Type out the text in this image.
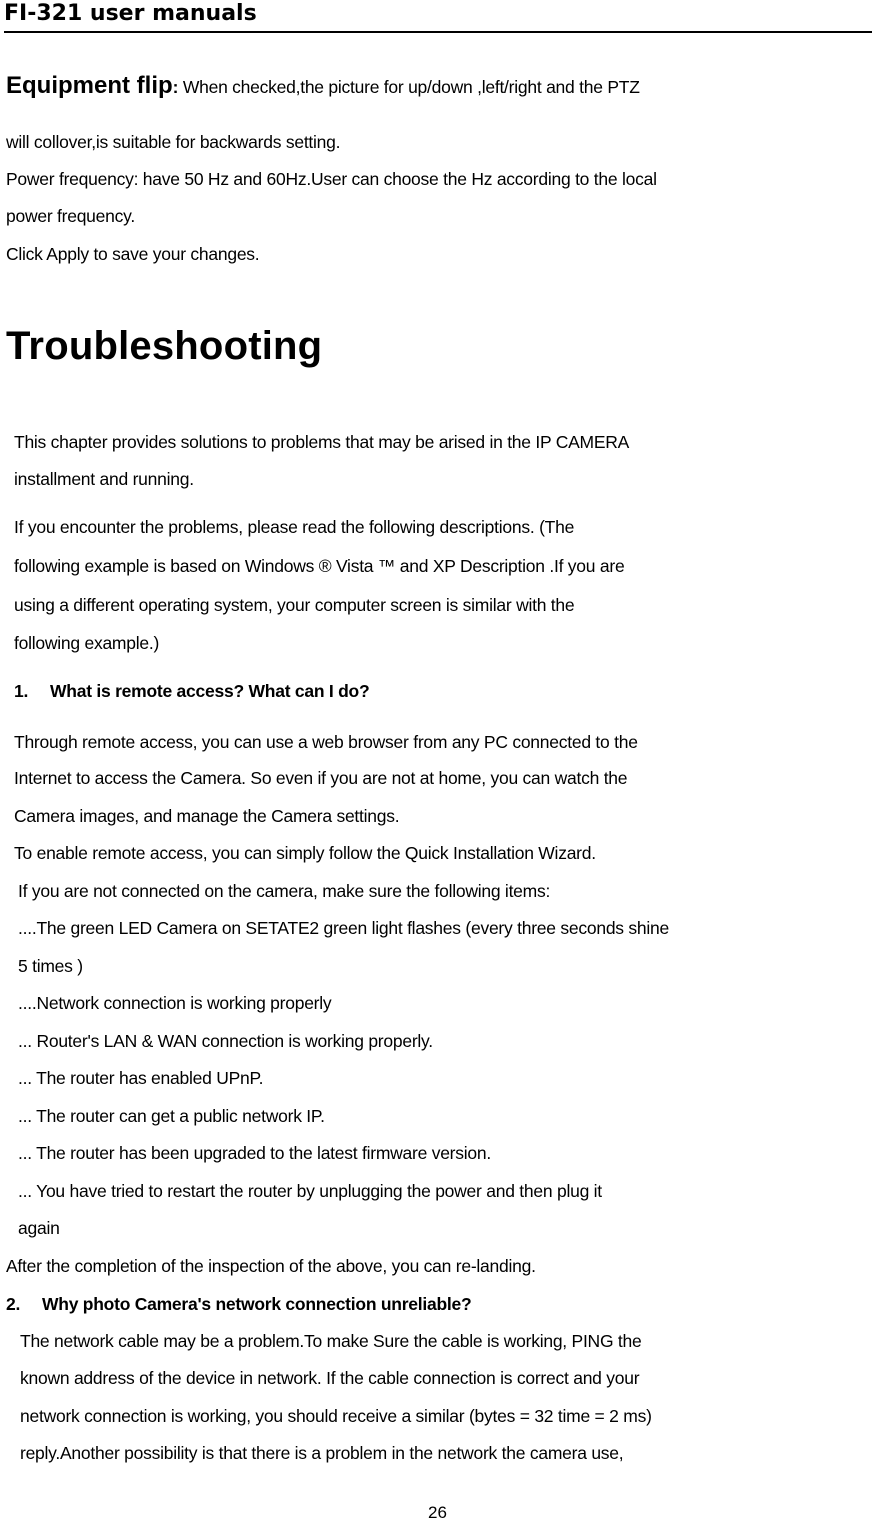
FI-321 user manuals
Equipment flip: When checked,the picture for up/down ,left/right and the PTZ
will collover,is suitable for backwards setting.
Power frequency: have 50 Hz and 60Hz.User can choose the Hz according to the local
power frequency.
Click Apply to save your changes.
Troubleshooting
This chapter provides solutions to problems that may be arised in the IP CAMERA
installment and running.
If you encounter the problems, please read the following descriptions. (The
following example is based on Windows ® Vista ™ and XP Description .If you are
using a different operating system, your computer screen is similar with the
following example.)
1. What is remote access? What can I do?
Through remote access, you can use a web browser from any PC connected to the
Internet to access the Camera. So even if you are not at home, you can watch the
Camera images, and manage the Camera settings.
To enable remote access, you can simply follow the Quick Installation Wizard.
If you are not connected on the camera, make sure the following items:
....The green LED Camera on SETATE2 green light flashes (every three seconds shine
5 times )
....Network connection is working properly
... Router's LAN & WAN connection is working properly.
... The router has enabled UPnP.
... The router can get a public network IP.
... The router has been upgraded to the latest firmware version.
... You have tried to restart the router by unplugging the power and then plug it
again
After the completion of the inspection of the above, you can re-landing.
2. Why photo Camera's network connection unreliable?
The network cable may be a problem.To make Sure the cable is working, PING the
known address of the device in network. If the cable connection is correct and your
network connection is working, you should receive a similar (bytes = 32 time = 2 ms)
reply.Another possibility is that there is a problem in the network the camera use,
26
